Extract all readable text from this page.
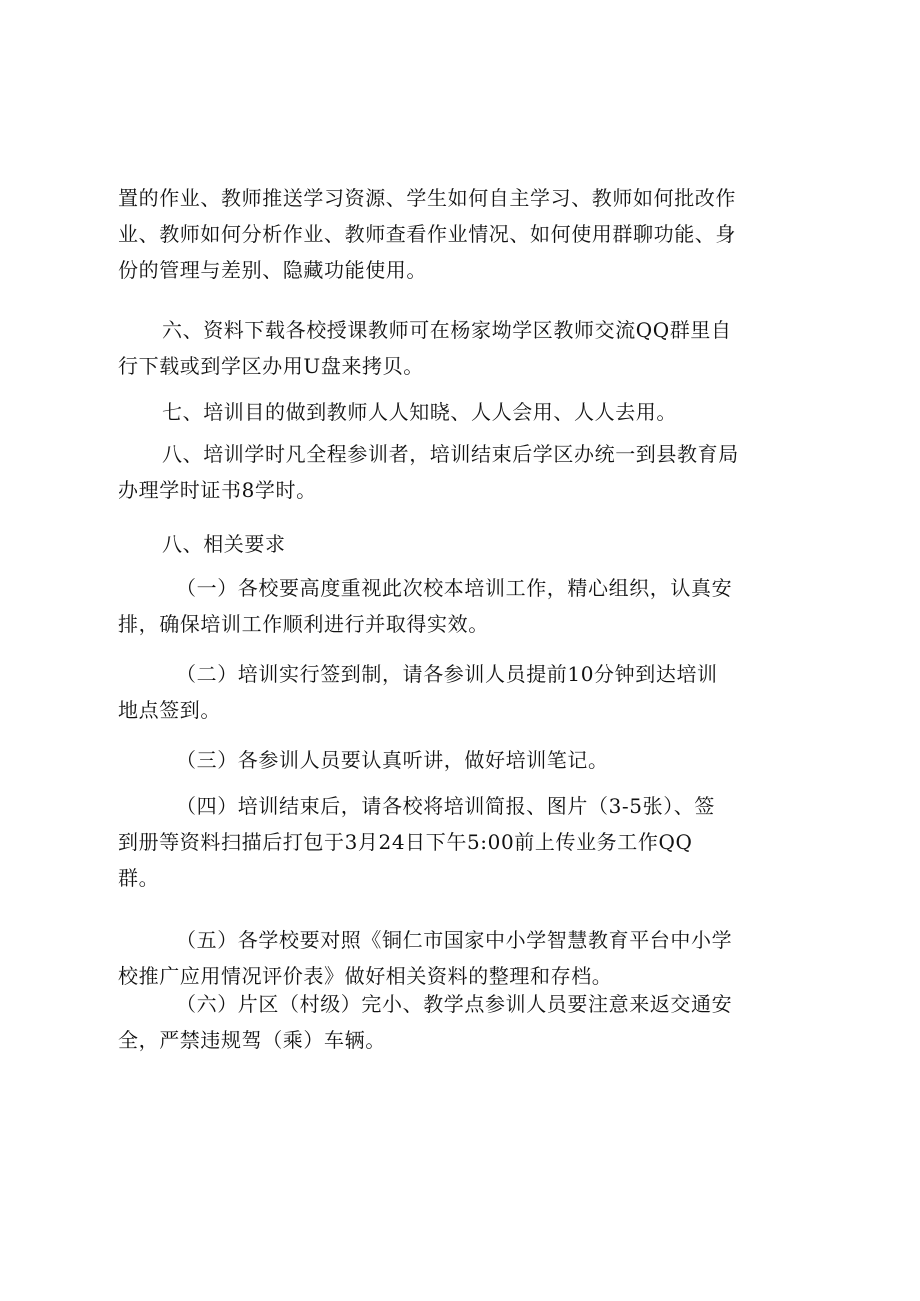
置的作业、教师推送学习资源、学生如何自主学习、教师如何批改作
业、教师如何分析作业、教师查看作业情况、如何使用群聊功能、身
份的管理与差别、隐藏功能使用。
六、资料下载各校授课教师可在杨家坳学区教师交流QQ群里自
行下载或到学区办用U盘来拷贝。
七、培训目的做到教师人人知晓、人人会用、人人去用。
八、培训学时凡全程参训者，培训结束后学区办统一到县教育局
办理学时证书8学时。
八、相关要求
（一）各校要高度重视此次校本培训工作，精心组织，认真安
排，确保培训工作顺利进行并取得实效。
（二）培训实行签到制，请各参训人员提前10分钟到达培训
地点签到。
（三）各参训人员要认真听讲，做好培训笔记。
（四）培训结束后，请各校将培训简报、图片（3-5张）、签
到册等资料扫描后打包于3月24日下午5:00前上传业务工作QQ
群。
（五）各学校要对照《铜仁市国家中小学智慧教育平台中小学
校推广应用情况评价表》做好相关资料的整理和存档。
（六）片区（村级）完小、教学点参训人员要注意来返交通安
全，严禁违规驾（乘）车辆。
